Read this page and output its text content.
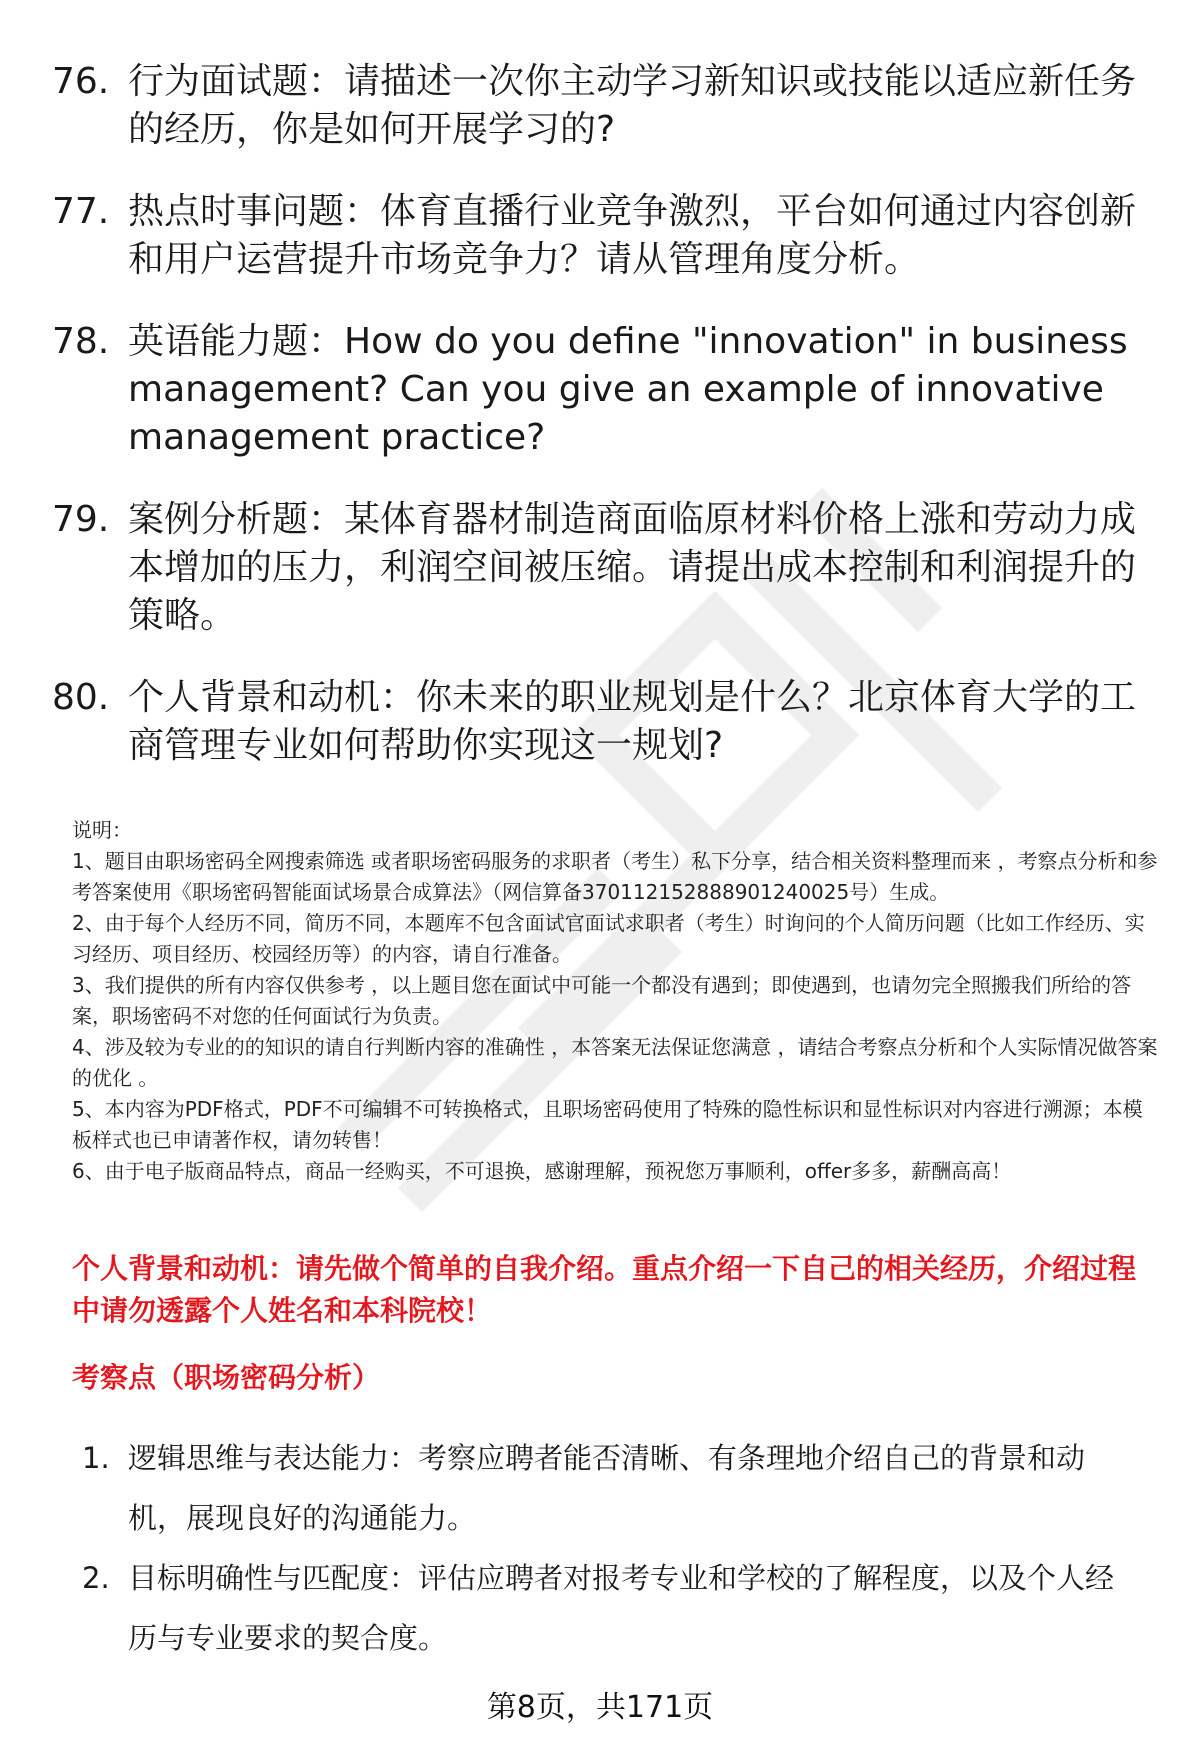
76. 行为面试题：请描述一次你主动学习新知识或技能以适应新任务的经历，你是如何开展学习的?
77. 热点时事问题：体育直播行业竞争激烈，平台如何通过内容创新和用户运营提升市场竞争力？请从管理角度分析。
78. 英语能力题：How do you define "innovation" in business management? Can you give an example of innovative management practice?
79. 案例分析题：某体育器材制造商面临原材料价格上涨和劳动力成本增加的压力，利润空间被压缩。请提出成本控制和利润提升的策略。
80. 个人背景和动机：你未来的职业规划是什么？北京体育大学的工商管理专业如何帮助你实现这一规划?

说明：

1、题目由职场密码全网搜索筛选 或者职场密码服务的求职者（考生）私下分享，结合相关资料整理而来 ，考察点分析和参考答案使用《职场密码智能面试场景合成算法》（网信算备370112152888901240025号）生成。

2、由于每个人经历不同，简历不同，本题库不包含面试官面试求职者（考生）时询问的个人简历问题（比如工作经历、实习经历、项目经历、校园经历等）的内容，请自行准备。

3、我们提供的所有内容仅供参考 ，以上题目您在面试中可能一个都没有遇到；即使遇到，也请勿完全照搬我们所给的答案，职场密码不对您的任何面试行为负责。

4、涉及较为专业的的知识的请自行判断内容的准确性 ，本答案无法保证您满意 ，请结合考察点分析和个人实际情况做答案的优化 。

5、本内容为PDF格式，PDF不可编辑不可转换格式，且职场密码使用了特殊的隐性标识和显性标识对内容进行溯源；本模板样式也已申请著作权，请勿转售！

6、由于电子版商品特点，商品一经购买，不可退换，感谢理解，预祝您万事顺利，offer多多，薪酬高高！

个人背景和动机：请先做个简单的自我介绍。重点介绍一下自己的相关经历，介绍过程中请勿透露个人姓名和本科院校！
考察点（职场密码分析）
1. 逻辑思维与表达能力：考察应聘者能否清晰、有条理地介绍自己的背景和动机，展现良好的沟通能力。
2. 目标明确性与匹配度：评估应聘者对报考专业和学校的了解程度，以及个人经历与专业要求的契合度。
第8页，共171页
